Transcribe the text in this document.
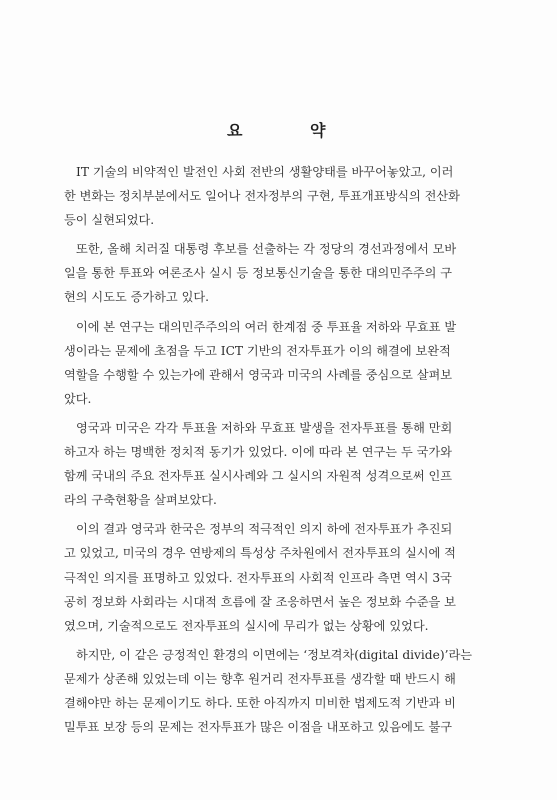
요	약
IT 기술의 비약적인 발전인 사회 전반의 생활양태를 바꾸어놓았고, 이러
한 변화는 정치부분에서도 일어나 전자정부의 구현, 투표개표방식의 전산화
등이 실현되었다.
또한, 올해 치러질 대통령 후보를 선출하는 각 정당의 경선과정에서 모바
일을 통한 투표와 여론조사 실시 등 정보통신기술을 통한 대의민주주의 구
현의 시도도 증가하고 있다.
이에 본 연구는 대의민주주의의 여러 한계점 중 투표율 저하와 무효표 발
생이라는 문제에 초점을 두고 ICT 기반의 전자투표가 이의 해결에 보완적
역할을 수행할 수 있는가에 관해서 영국과 미국의 사례를 중심으로 살펴보
았다.
영국과 미국은 각각 투표율 저하와 무효표 발생을 전자투표를 통해 만회
하고자 하는 명백한 정치적 동기가 있었다. 이에 따라 본 연구는 두 국가와
함께 국내의 주요 전자투표 실시사례와 그 실시의 자원적 성격으로써 인프
라의 구축현황을 살펴보았다.
이의 결과 영국과 한국은 정부의 적극적인 의지 하에 전자투표가 추진되
고 있었고, 미국의 경우 연방제의 특성상 주차원에서 전자투표의 실시에 적
극적인 의지를 표명하고 있었다. 전자투표의 사회적 인프라 측면 역시 3국
공히 정보화 사회라는 시대적 흐름에 잘 조응하면서 높은 정보화 수준을 보
였으며, 기술적으로도 전자투표의 실시에 무리가 없는 상황에 있었다.
하지만, 이 같은 긍정적인 환경의 이면에는 ‘정보격차(digital divide)’라는
문제가 상존해 있었는데 이는 향후 원거리 전자투표를 생각할 때 반드시 해
결해야만 하는 문제이기도 하다. 또한 아직까지 미비한 법제도적 기반과 비
밀투표 보장 등의 문제는 전자투표가 많은 이점을 내포하고 있음에도 불구
